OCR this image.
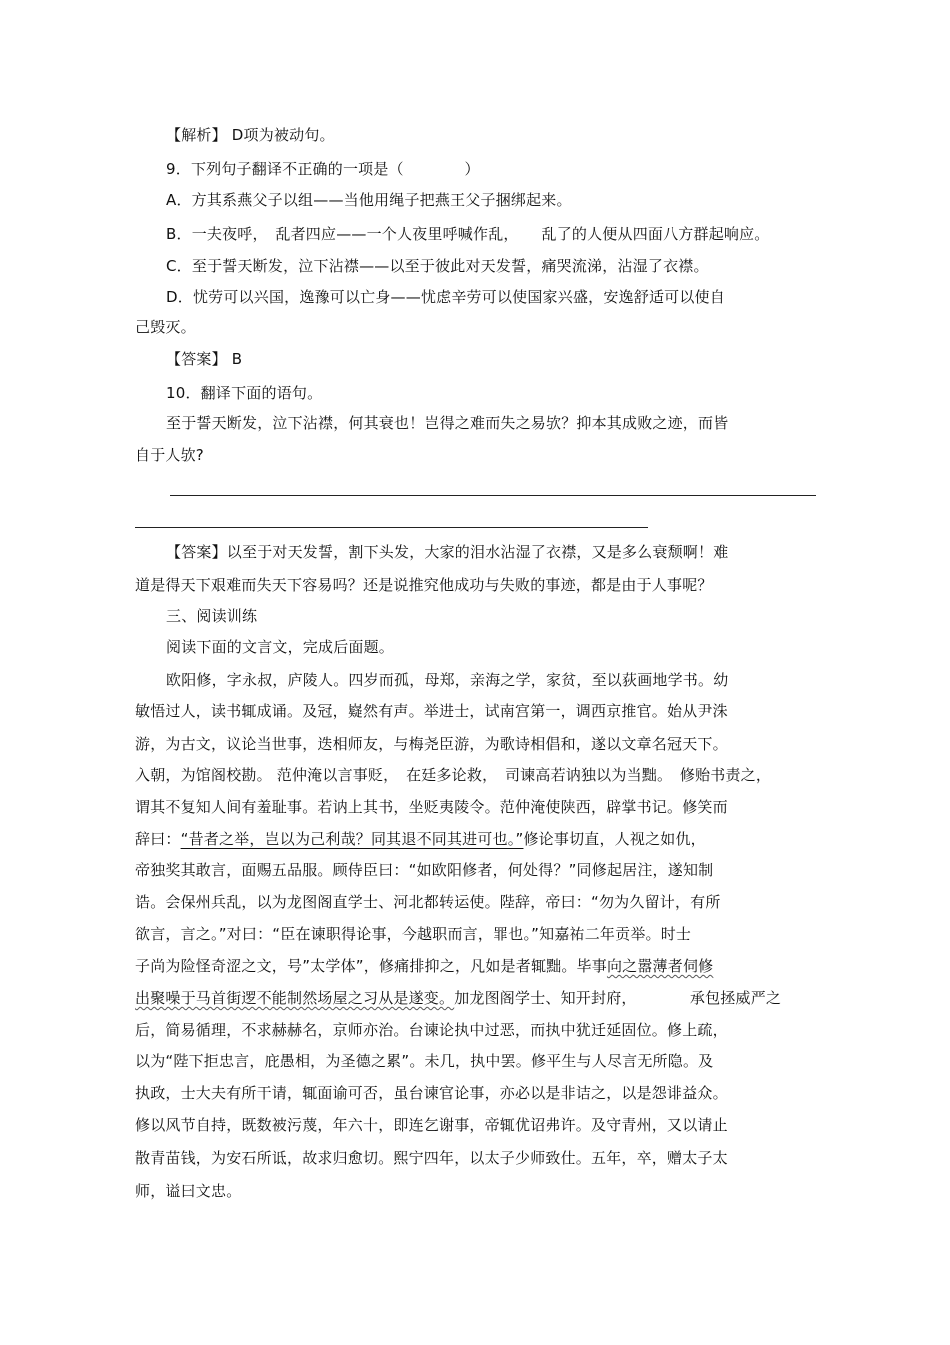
【解析】 D项为被动句。
9．下列句子翻译不正确的一项是（　　　　）
A．方其系燕父子以组——当他用绳子把燕王父子捆绑起来。
B．一夫夜呼，　乱者四应——一个人夜里呼喊作乱，　　乱了的人便从四面八方群起响应。
C．至于誓天断发，泣下沾襟——以至于彼此对天发誓，痛哭流涕，沾湿了衣襟。
D．忧劳可以兴国，逸豫可以亡身——忧虑辛劳可以使国家兴盛，安逸舒适可以使自
己毁灭。
【答案】 B
10．翻译下面的语句。
至于誓天断发，泣下沾襟，何其衰也！岂得之难而失之易欤？抑本其成败之迹，而皆
自于人欤?
【答案】以至于对天发誓，割下头发，大家的泪水沾湿了衣襟，又是多么衰颓啊！难
道是得天下艰难而失天下容易吗？还是说推究他成功与失败的事迹，都是由于人事呢？
三、阅读训练
阅读下面的文言文，完成后面题。
欧阳修，字永叔，庐陵人。四岁而孤，母郑，亲海之学，家贫，至以荻画地学书。幼
敏悟过人，读书辄成诵。及冠，嶷然有声。举进士，试南宫第一，调西京推官。始从尹洙
游，为古文，议论当世事，迭相师友，与梅尧臣游，为歌诗相倡和，遂以文章名冠天下。
入朝，为馆阁校勘。 范仲淹以言事贬，　在廷多论救，　司谏高若讷独以为当黜。　修贻书责之，
谓其不复知人间有羞耻事。若讷上其书，坐贬夷陵令。范仲淹使陕西，辟掌书记。修笑而
辞曰：“昔者之举，岂以为己利哉？同其退不同其进可也。”修论事切直，人视之如仇，
帝独奖其敢言，面赐五品服。顾侍臣曰：“如欧阳修者，何处得？”同修起居注，遂知制
诰。会保州兵乱，以为龙图阁直学士、河北都转运使。陛辞，帝曰：“勿为久留计，有所
欲言，言之。”对曰：“臣在谏职得论事，今越职而言，罪也。”知嘉祐二年贡举。时士
子尚为险怪奇涩之文，号”太学体”，修痛排抑之，凡如是者辄黜。毕事向之嚣薄者伺修
出聚噪于马首街逻不能制然场屋之习从是遂变。加龙图阁学士、知开封府，　　　　承包拯威严之
后，简易循理，不求赫赫名，京师亦治。台谏论执中过恶，而执中犹迁延固位。修上疏，
以为“陛下拒忠言，庇愚相，为圣德之累”。未几，执中罢。修平生与人尽言无所隐。及
执政，士大夫有所干请，辄面谕可否，虽台谏官论事，亦必以是非诘之，以是怨诽益众。
修以风节自持，既数被污蔑，年六十，即连乞谢事，帝辄优诏弗许。及守青州，又以请止
散青苗钱，为安石所诋，故求归愈切。熙宁四年，以太子少师致仕。五年，卒，赠太子太
师，谥曰文忠。
